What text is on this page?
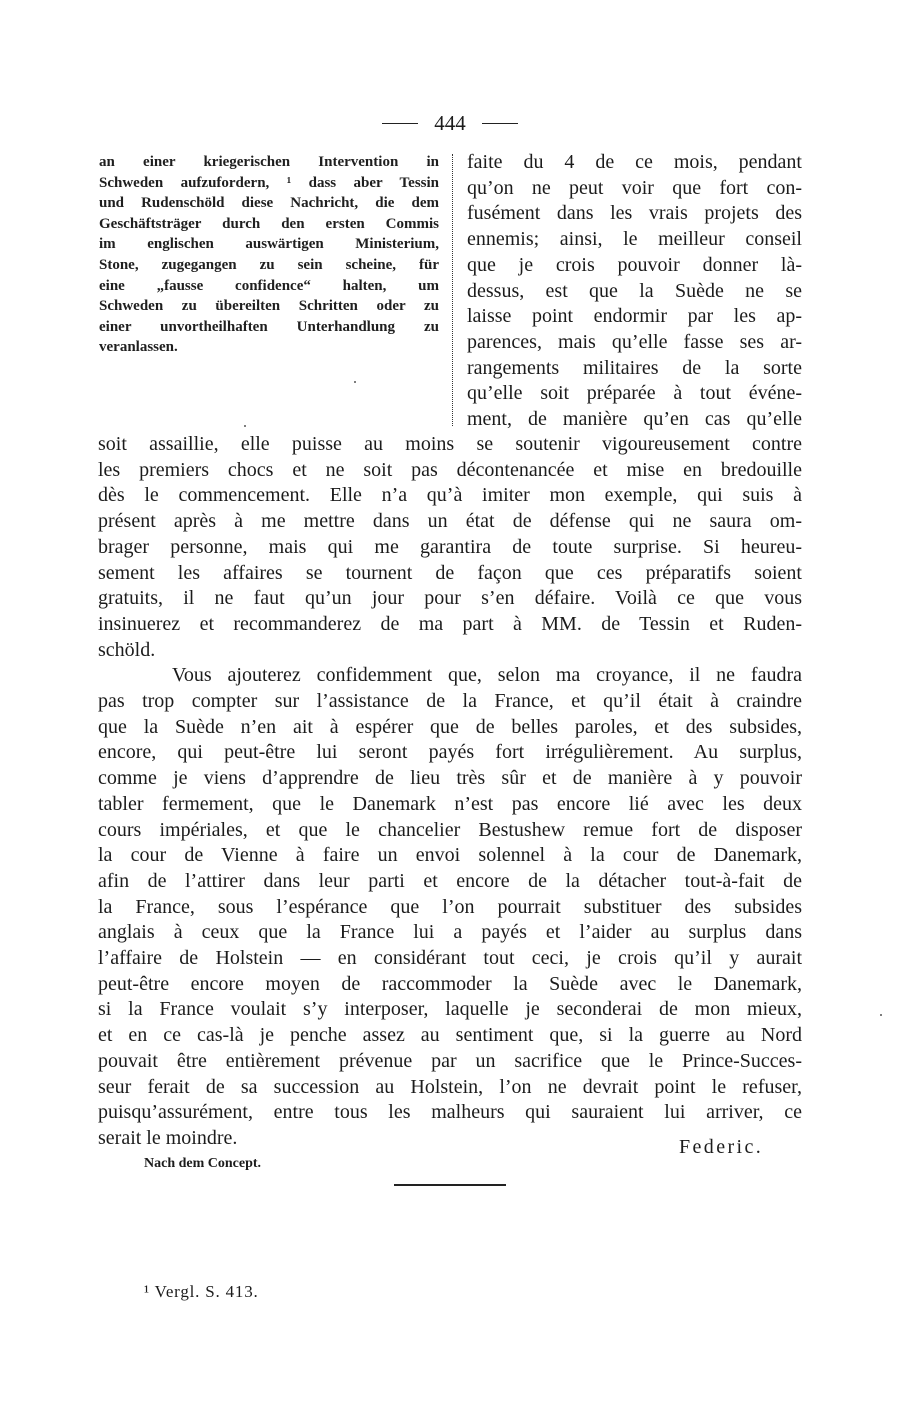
444
an einer kriegerischen Intervention in
Schweden aufzufordern, ¹ dass aber Tessin
und Rudenschöld diese Nachricht, die dem
Geschäftsträger durch den ersten Commis
im englischen auswärtigen Ministerium,
Stone, zugegangen zu sein scheine, für
eine „fausse confidence“ halten, um
Schweden zu übereilten Schritten oder zu
einer unvortheilhaften Unterhandlung zu
veranlassen.
faite du 4 de ce mois, pendant
qu’on ne peut voir que fort con-
fusément dans les vrais projets des
ennemis; ainsi, le meilleur conseil
que je crois pouvoir donner là-
dessus, est que la Suède ne se
laisse point endormir par les ap-
parences, mais qu’elle fasse ses ar-
rangements militaires de la sorte
qu’elle soit préparée à tout événe-
ment, de manière qu’en cas qu’elle
soit assaillie, elle puisse au moins se soutenir vigoureusement contre
les premiers chocs et ne soit pas décontenancée et mise en bredouille
dès le commencement. Elle n’a qu’à imiter mon exemple, qui suis à
présent après à me mettre dans un état de défense qui ne saura om-
brager personne, mais qui me garantira de toute surprise. Si heureu-
sement les affaires se tournent de façon que ces préparatifs soient
gratuits, il ne faut qu’un jour pour s’en défaire. Voilà ce que vous
insinuerez et recommanderez de ma part à MM. de Tessin et Ruden-
schöld.
Vous ajouterez confidemment que, selon ma croyance, il ne faudra
pas trop compter sur l’assistance de la France, et qu’il était à craindre
que la Suède n’en ait à espérer que de belles paroles, et des subsides,
encore, qui peut-être lui seront payés fort irrégulièrement. Au surplus,
comme je viens d’apprendre de lieu très sûr et de manière à y pouvoir
tabler fermement, que le Danemark n’est pas encore lié avec les deux
cours impériales, et que le chancelier Bestushew remue fort de disposer
la cour de Vienne à faire un envoi solennel à la cour de Danemark,
afin de l’attirer dans leur parti et encore de la détacher tout-à-fait de
la France, sous l’espérance que l’on pourrait substituer des subsides
anglais à ceux que la France lui a payés et l’aider au surplus dans
l’affaire de Holstein — en considérant tout ceci, je crois qu’il y aurait
peut-être encore moyen de raccommoder la Suède avec le Danemark,
si la France voulait s’y interposer, laquelle je seconderai de mon mieux,
et en ce cas-là je penche assez au sentiment que, si la guerre au Nord
pouvait être entièrement prévenue par un sacrifice que le Prince-Succes-
seur ferait de sa succession au Holstein, l’on ne devrait point le refuser,
puisqu’assurément, entre tous les malheurs qui sauraient lui arriver, ce
serait le moindre.	Federic.
Nach dem Concept.
¹ Vergl. S. 413.
